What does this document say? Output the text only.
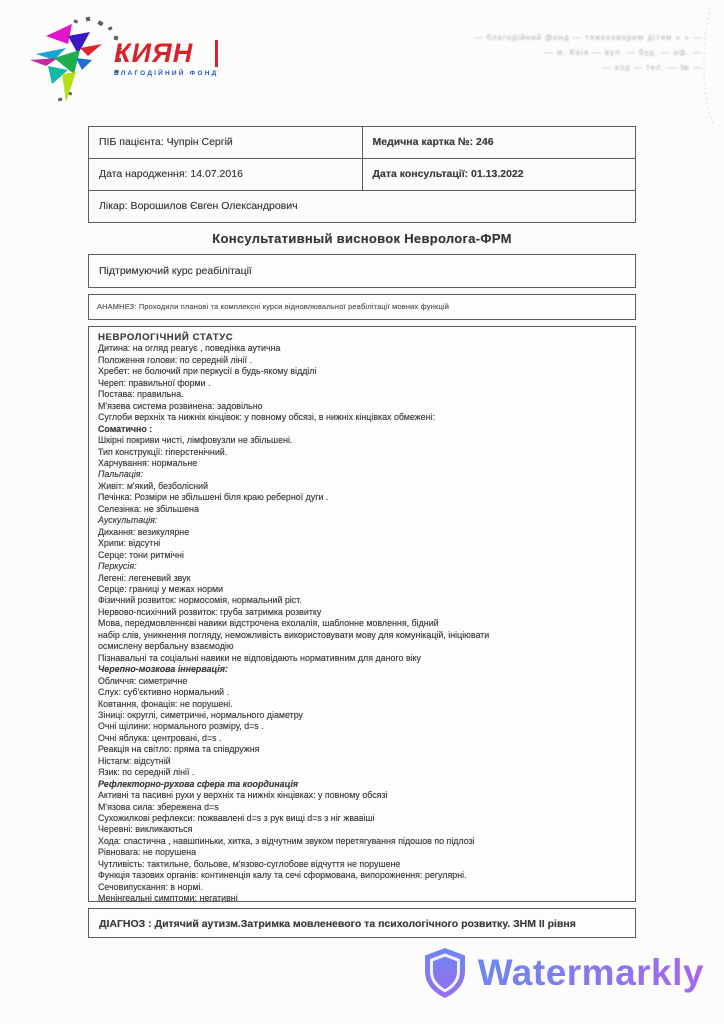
КИЯН
БЛАГОДІЙНИЙ ФОНД
· · · · · · · ·
· · · · · ·
· · · ·
— благодійний фонд — тяжкохворим дітям « » —
— м. Київ — вул. — буд. — оф. —
— код — тел. — № —
ПІБ пацієнта: Чупрін Сергій	Медична картка №: 246
Дата народження: 14.07.2016	Дата консультації: 01.13.2022
Лікар: Ворошилов Євген Олександрович	
Консультативный висновок Невролога-ФРМ
Підтримуючий курс реабілітації
АНАМНЕЗ: Проходили планові та комплексні курси відновлювальної реабілітації мовних функцій
НЕВРОЛОГІЧНИЙ СТАТУС
Дитина: на огляд реагує , поведінка аутична
Положення голови: по середній лінії .
Хребет: не болючий при перкусії в будь-якому відділі
Череп: правильної форми .
Постава: правильна.
М'язева система розвинена: задовільно
Суглоби верхніх та нижніх кінцівок: у повному обсязі, в нижніх кінцівках обмежені:
Соматично :
Шкірні покриви чисті, лімфовузли не збільшені.
Тип конструкції: гіперстенічний.
Харчування: нормальне
Пальпація:
Живіт: м'який, безболісний
Печінка: Розміри не збільшені біля краю реберної дуги .
Селезінка: не збільшена
Аускультація:
Дихання: везикулярне
Хрипи: відсутні
Серце: тони ритмічні
Перкусія:
Легені: легеневий звук
Серце: границі у межах норми
Фізичний розвиток: нормосомія, нормальний ріст.
Нервово-психічний розвиток: груба затримка розвитку
Мова, передмовленнєві навики відстрочена ехолалія, шаблонне мовлення, бідний
набір слів, уникнення погляду, неможливість використовувати мову для комунікацій, ініціювати
осмислену вербальну взаємодію
Пізнавальні та соціальні навики не відповідають нормативним для даного віку
Черепно-мозкова іннервація:
Обличчя: симетричне
Слух: суб'єктивно нормальний .
Ковтання, фонація: не порушені.
Зіниці: округлі, симетричні, нормального діаметру
Очні щілини: нормального розміру, d=s .
Очні яблука: центровані, d=s .
Реакція на світло: пряма та співдружня
Ністагм: відсутній
Язик: по середній лінії .
Рефлекторно-рухова сфера та координація
Активні та пасивні рухи у верхніх та нижніх кінцівках: у повному обсязі
М'язова сила: збережена d=s
Сухожилкові рефлекси: пожвавлені d=s з рук вищі d=s з ніг жвавіші
Черевні: викликаються
Хода: спастична , навшпиньки, хитка, з відчутним звуком перетягування підошов по підлозі
Рівновага: не порушена
Чутливість: тактильне, больове, м'язово-суглобове відчуття не порушене
Функція тазових органів: континенція калу та сечі сформована, випорожнення: регулярні.
Сечовипускання: в нормі.
Менінгеальні симптоми: негативні
ДІАГНОЗ : Дитячий аутизм.Затримка мовленевого та психологічного розвитку. ЗНМ II рівня
Watermarkly
